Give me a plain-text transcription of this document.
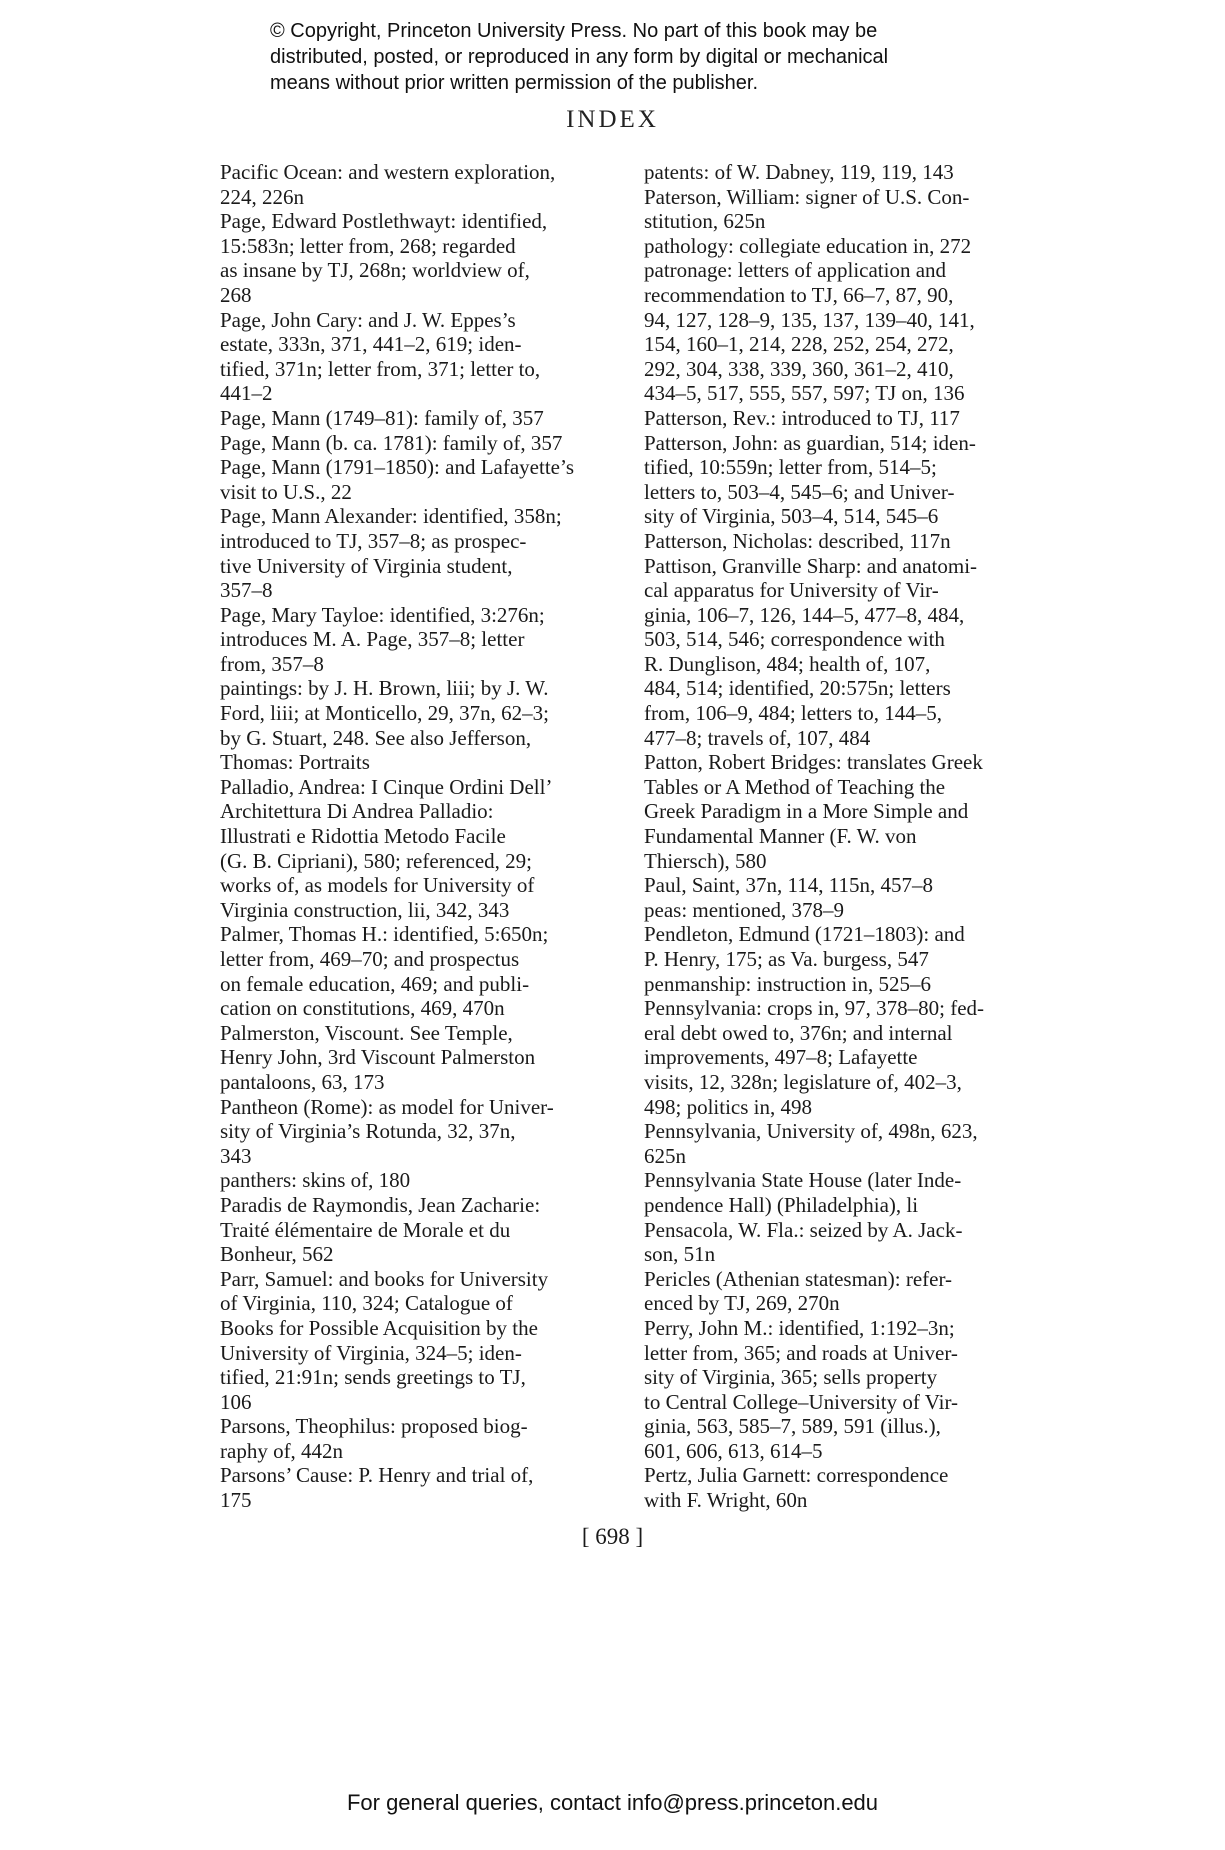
© Copyright, Princeton University Press. No part of this book may be
distributed, posted, or reproduced in any form by digital or mechanical
means without prior written permission of the publisher.
INDEX
Pacific Ocean: and western exploration,
224, 226n
Page, Edward Postlethwayt: identified,
15:583n; letter from, 268; regarded
as insane by TJ, 268n; worldview of,
268
Page, John Cary: and J. W. Eppes’s
estate, 333n, 371, 441–2, 619; iden-
tified, 371n; letter from, 371; letter to,
441–2
Page, Mann (1749–81): family of, 357
Page, Mann (b. ca. 1781): family of, 357
Page, Mann (1791–1850): and Lafayette’s
visit to U.S., 22
Page, Mann Alexander: identified, 358n;
introduced to TJ, 357–8; as prospec-
tive University of Virginia student,
357–8
Page, Mary Tayloe: identified, 3:276n;
introduces M. A. Page, 357–8; letter
from, 357–8
paintings: by J. H. Brown, liii; by J. W.
Ford, liii; at Monticello, 29, 37n, 62–3;
by G. Stuart, 248. See also Jefferson,
Thomas: Portraits
Palladio, Andrea: I Cinque Ordini Dell’
Architettura Di Andrea Palladio:
Illustrati e Ridottia Metodo Facile
(G. B. Cipriani), 580; referenced, 29;
works of, as models for University of
Virginia construction, lii, 342, 343
Palmer, Thomas H.: identified, 5:650n;
letter from, 469–70; and prospectus
on female education, 469; and publi-
cation on constitutions, 469, 470n
Palmerston, Viscount. See Temple,
Henry John, 3rd Viscount Palmerston
pantaloons, 63, 173
Pantheon (Rome): as model for Univer-
sity of Virginia’s Rotunda, 32, 37n,
343
panthers: skins of, 180
Paradis de Raymondis, Jean Zacharie:
Traité élémentaire de Morale et du
Bonheur, 562
Parr, Samuel: and books for University
of Virginia, 110, 324; Catalogue of
Books for Possible Acquisition by the
University of Virginia, 324–5; iden-
tified, 21:91n; sends greetings to TJ,
106
Parsons, Theophilus: proposed biog-
raphy of, 442n
Parsons’ Cause: P. Henry and trial of,
175
patents: of W. Dabney, 119, 119, 143
Paterson, William: signer of U.S. Con-
stitution, 625n
pathology: collegiate education in, 272
patronage: letters of application and
recommendation to TJ, 66–7, 87, 90,
94, 127, 128–9, 135, 137, 139–40, 141,
154, 160–1, 214, 228, 252, 254, 272,
292, 304, 338, 339, 360, 361–2, 410,
434–5, 517, 555, 557, 597; TJ on, 136
Patterson, Rev.: introduced to TJ, 117
Patterson, John: as guardian, 514; iden-
tified, 10:559n; letter from, 514–5;
letters to, 503–4, 545–6; and Univer-
sity of Virginia, 503–4, 514, 545–6
Patterson, Nicholas: described, 117n
Pattison, Granville Sharp: and anatomi-
cal apparatus for University of Vir-
ginia, 106–7, 126, 144–5, 477–8, 484,
503, 514, 546; correspondence with
R. Dunglison, 484; health of, 107,
484, 514; identified, 20:575n; letters
from, 106–9, 484; letters to, 144–5,
477–8; travels of, 107, 484
Patton, Robert Bridges: translates Greek
Tables or A Method of Teaching the
Greek Paradigm in a More Simple and
Fundamental Manner (F. W. von
Thiersch), 580
Paul, Saint, 37n, 114, 115n, 457–8
peas: mentioned, 378–9
Pendleton, Edmund (1721–1803): and
P. Henry, 175; as Va. burgess, 547
penmanship: instruction in, 525–6
Pennsylvania: crops in, 97, 378–80; fed-
eral debt owed to, 376n; and internal
improvements, 497–8; Lafayette
visits, 12, 328n; legislature of, 402–3,
498; politics in, 498
Pennsylvania, University of, 498n, 623,
625n
Pennsylvania State House (later Inde-
pendence Hall) (Philadelphia), li
Pensacola, W. Fla.: seized by A. Jack-
son, 51n
Pericles (Athenian statesman): refer-
enced by TJ, 269, 270n
Perry, John M.: identified, 1:192–3n;
letter from, 365; and roads at Univer-
sity of Virginia, 365; sells property
to Central College–University of Vir-
ginia, 563, 585–7, 589, 591 (illus.),
601, 606, 613, 614–5
Pertz, Julia Garnett: correspondence
with F. Wright, 60n
[ 698 ]
For general queries, contact info@press.princeton.edu
